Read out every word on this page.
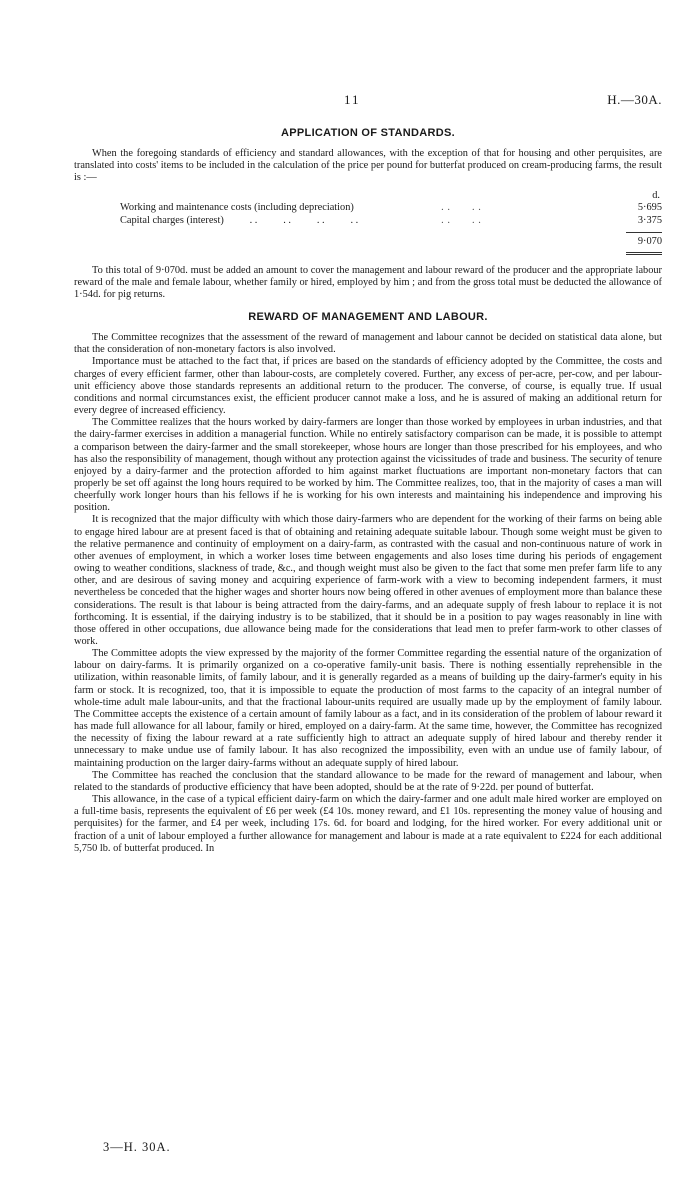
11	H.—30A.
APPLICATION OF STANDARDS.

When the foregoing standards of efficiency and standard allowances, with the exception of that for housing and other perquisites, are translated into costs' items to be included in the calculation of the price per pound for butterfat produced on cream-producing farms, the result is :—

d.
Working and maintenance costs (including depreciation)	. .       . .	5·695
Capital charges (interest)          . .          . .          . .          . .	. .       . .	3·375
9·070

To this total of 9·070d. must be added an amount to cover the management and labour reward of the producer and the appropriate labour reward of the male and female labour, whether family or hired, employed by him ; and from the gross total must be deducted the allowance of 1·54d. for pig returns.

REWARD OF MANAGEMENT AND LABOUR.

The Committee recognizes that the assessment of the reward of management and labour cannot be decided on statistical data alone, but that the consideration of non-monetary factors is also involved.

Importance must be attached to the fact that, if prices are based on the standards of efficiency adopted by the Committee, the costs and charges of every efficient farmer, other than labour-costs, are completely covered. Further, any excess of per-acre, per-cow, and per labour-unit efficiency above those standards represents an additional return to the producer. The converse, of course, is equally true. If usual conditions and normal circumstances exist, the efficient producer cannot make a loss, and he is assured of making an additional return for every degree of increased efficiency.

The Committee realizes that the hours worked by dairy-farmers are longer than those worked by employees in urban industries, and that the dairy-farmer exercises in addition a managerial function. While no entirely satisfactory comparison can be made, it is possible to attempt a comparison between the dairy-farmer and the small storekeeper, whose hours are longer than those prescribed for his employees, and who has also the responsibility of management, though without any protection against the vicissitudes of trade and business. The security of tenure enjoyed by a dairy-farmer and the protection afforded to him against market fluctuations are important non-monetary factors that can properly be set off against the long hours required to be worked by him. The Committee realizes, too, that in the majority of cases a man will cheerfully work longer hours than his fellows if he is working for his own interests and maintaining his independence and improving his position.

It is recognized that the major difficulty with which those dairy-farmers who are dependent for the working of their farms on being able to engage hired labour are at present faced is that of obtaining and retaining adequate suitable labour. Though some weight must be given to the relative permanence and continuity of employment on a dairy-farm, as contrasted with the casual and non-continuous nature of work in other avenues of employment, in which a worker loses time between engagements and also loses time during his periods of engagement owing to weather conditions, slackness of trade, &c., and though weight must also be given to the fact that some men prefer farm life to any other, and are desirous of saving money and acquiring experience of farm-work with a view to becoming independent farmers, it must nevertheless be conceded that the higher wages and shorter hours now being offered in other avenues of employment more than balance these considerations. The result is that labour is being attracted from the dairy-farms, and an adequate supply of fresh labour to replace it is not forthcoming. It is essential, if the dairying industry is to be stabilized, that it should be in a position to pay wages reasonably in line with those offered in other occupations, due allowance being made for the considerations that lead men to prefer farm-work to other classes of work.

The Committee adopts the view expressed by the majority of the former Committee regarding the essential nature of the organization of labour on dairy-farms. It is primarily organized on a co-operative family-unit basis. There is nothing essentially reprehensible in the utilization, within reasonable limits, of family labour, and it is generally regarded as a means of building up the dairy-farmer's equity in his farm or stock. It is recognized, too, that it is impossible to equate the production of most farms to the capacity of an integral number of whole-time adult male labour-units, and that the fractional labour-units required are usually made up by the employment of family labour. The Committee accepts the existence of a certain amount of family labour as a fact, and in its consideration of the problem of labour reward it has made full allowance for all labour, family or hired, employed on a dairy-farm. At the same time, however, the Committee has recognized the necessity of fixing the labour reward at a rate sufficiently high to attract an adequate supply of hired labour and thereby render it unnecessary to make undue use of family labour. It has also recognized the impossibility, even with an undue use of family labour, of maintaining production on the larger dairy-farms without an adequate supply of hired labour.

The Committee has reached the conclusion that the standard allowance to be made for the reward of management and labour, when related to the standards of productive efficiency that have been adopted, should be at the rate of 9·22d. per pound of butterfat.

This allowance, in the case of a typical efficient dairy-farm on which the dairy-farmer and one adult male hired worker are employed on a full-time basis, represents the equivalent of £6 per week (£4 10s. money reward, and £1 10s. representing the money value of housing and perquisites) for the farmer, and £4 per week, including 17s. 6d. for board and lodging, for the hired worker. For every additional unit or fraction of a unit of labour employed a further allowance for management and labour is made at a rate equivalent to £224 for each additional 5,750 lb. of butterfat produced. In

3—H. 30A.
